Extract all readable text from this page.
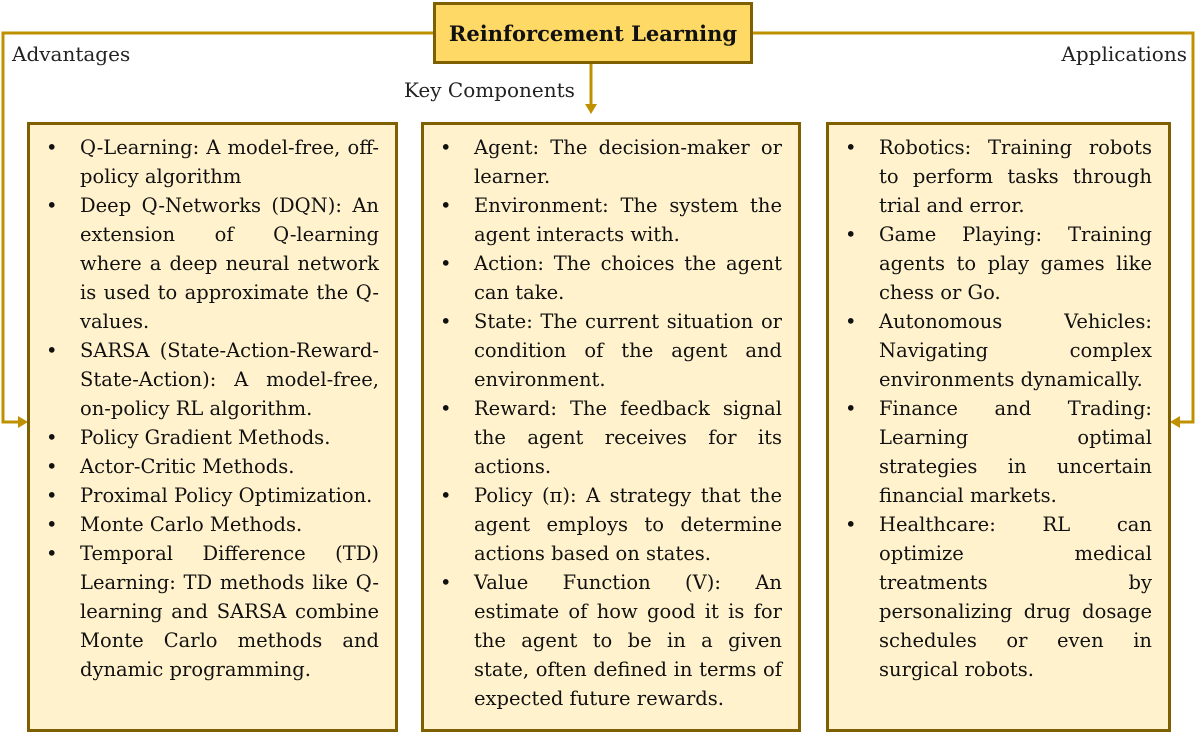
Reinforcement Learning
Advantages
Key Components
Applications
• Q-Learning: A model-free, off-policy algorithm
• Deep Q-Networks (DQN): An extension of Q-learning where a deep neural network is used to approximate the Q-values.
• SARSA (State-Action-Reward-State-Action): A model-free, on-policy RL algorithm.
• Policy Gradient Methods.
• Actor-Critic Methods.
• Proximal Policy Optimization.
• Monte Carlo Methods.
• Temporal Difference (TD) Learning: TD methods like Q-learning and SARSA combine Monte Carlo methods and dynamic programming.
• Agent: The decision-maker or learner.
• Environment: The system the agent interacts with.
• Action: The choices the agent can take.
• State: The current situation or condition of the agent and environment.
• Reward: The feedback signal the agent receives for its actions.
• Policy (π): A strategy that the agent employs to determine actions based on states.
• Value Function (V): An estimate of how good it is for the agent to be in a given state, often defined in terms of expected future rewards.
• Robotics: Training robots to perform tasks through trial and error.
• Game Playing: Training agents to play games like chess or Go.
• Autonomous Vehicles: Navigating complex environments dynamically.
• Finance and Trading: Learning optimal strategies in uncertain financial markets.
• Healthcare: RL can optimize medical treatments by personalizing drug dosage schedules or even in surgical robots.
